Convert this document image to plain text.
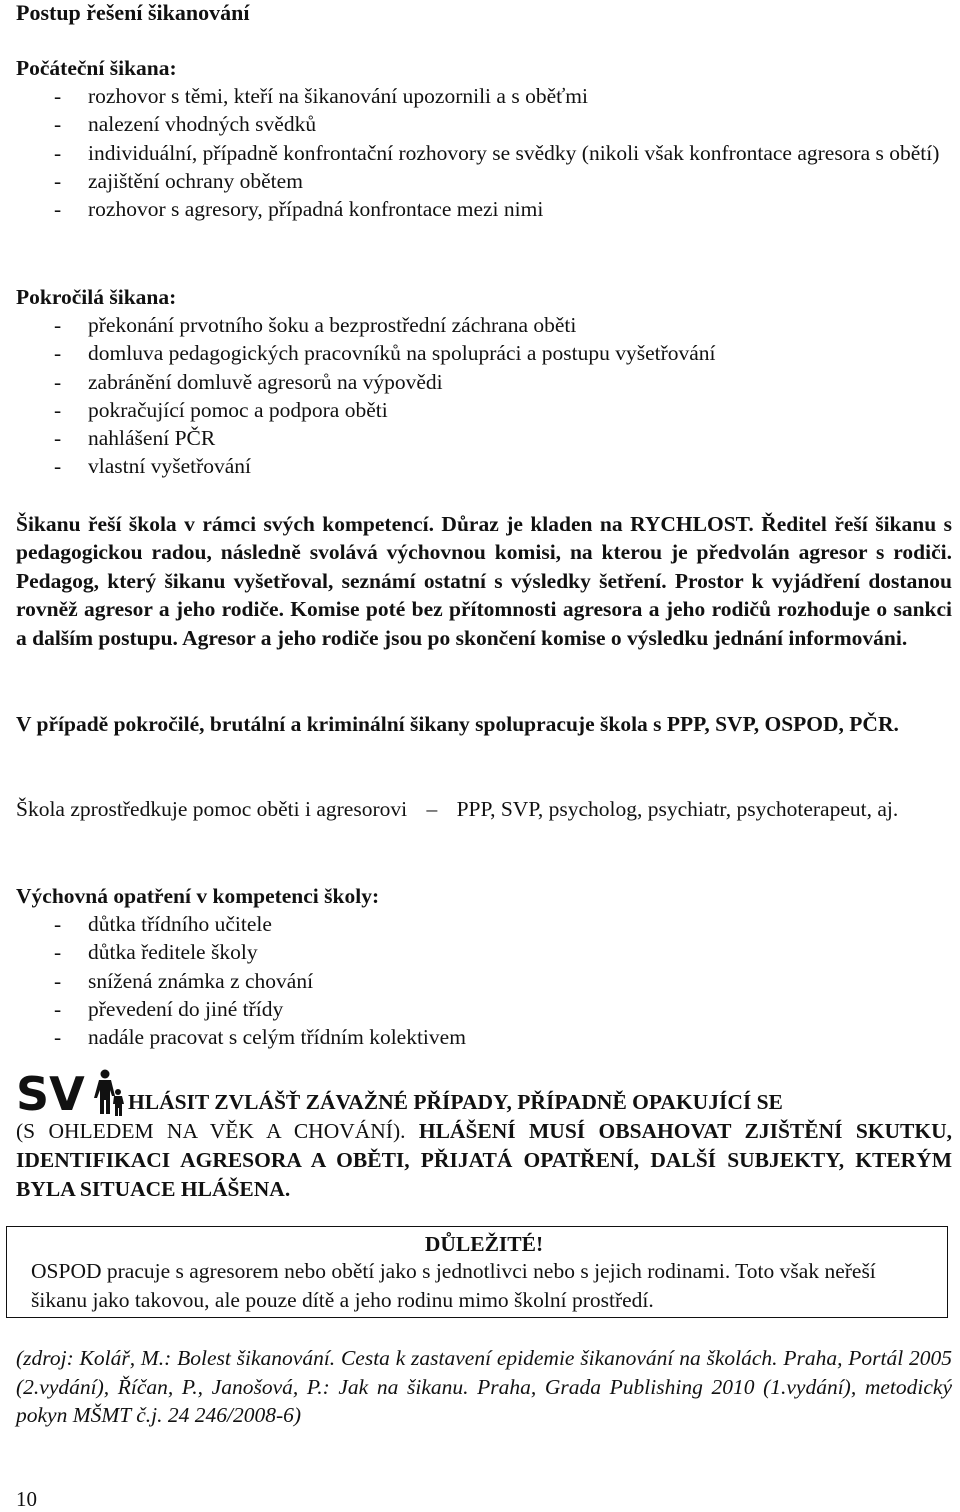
Postup řešení šikanování

Počáteční šikana:

- rozhovor s těmi, kteří na šikanování upozornili a s oběťmi
- nalezení vhodných svědků
-	individuální, případně konfrontační rozhovory se svědky (nikoli však konfrontace agresora s obětí)
- zajištění ochrany obětem
- rozhovor s agresory, případná konfrontace mezi nimi

Pokročilá šikana:

- překonání prvotního šoku a bezprostřední záchrana oběti
- domluva pedagogických pracovníků na spolupráci a postupu vyšetřování
- zabránění domluvě agresorů na výpovědi
- pokračující pomoc a podpora oběti
- nahlášení PČR
- vlastní vyšetřování

Šikanu řeší škola v rámci svých kompetencí. Důraz je kladen na RYCHLOST. Ředitel řeší šikanu s pedagogickou radou, následně svolává výchovnou komisi, na kterou je předvolán agresor s rodiči. Pedagog, který šikanu vyšetřoval, seznámí ostatní s výsledky šetření. Prostor k vyjádření dostanou rovněž agresor a jeho rodiče. Komise poté bez přítomnosti agresora a jeho rodičů rozhoduje o sankci a dalším postupu. Agresor a jeho rodiče jsou po skončení komise o výsledku jednání informováni.

V případě pokročilé, brutální a kriminální šikany spolupracuje škola s PPP, SVP, OSPOD, PČR.

Škola zprostředkuje pomoc oběti i agresorovi – PPP, SVP, psycholog, psychiatr, psychoterapeut, aj.

Výchovná opatření v kompetenci školy:

- důtka třídního učitele
- důtka ředitele školy
- snížená známka z chování
- převedení do jiné třídy
- nadále pracovat s celým třídním kolektivem
SV	HLÁSIT ZVLÁŠŤ ZÁVAŽNÉ PŘÍPADY, PŘÍPADNĚ OPAKUJÍCÍ SE

(S OHLEDEM NA VĚK A CHOVÁNÍ). HLÁŠENÍ MUSÍ OBSAHOVAT ZJIŠTĚNÍ SKUTKU, IDENTIFIKACI AGRESORA A OBĚTI, PŘIJATÁ OPATŘENÍ, DALŠÍ SUBJEKTY, KTERÝM BYLA SITUACE HLÁŠENA.

DŮLEŽITÉ!

OSPOD pracuje s agresorem nebo obětí jako s jednotlivci nebo s jejich rodinami. Toto však neřeší šikanu jako takovou, ale pouze dítě a jeho rodinu mimo školní prostředí.

(zdroj: Kolář, M.: Bolest šikanování. Cesta k zastavení epidemie šikanování na školách. Praha, Portál 2005 (2.vydání), Říčan, P., Janošová, P.: Jak na šikanu. Praha, Grada Publishing 2010 (1.vydání), metodický pokyn MŠMT č.j. 24 246/2008-6)

10
